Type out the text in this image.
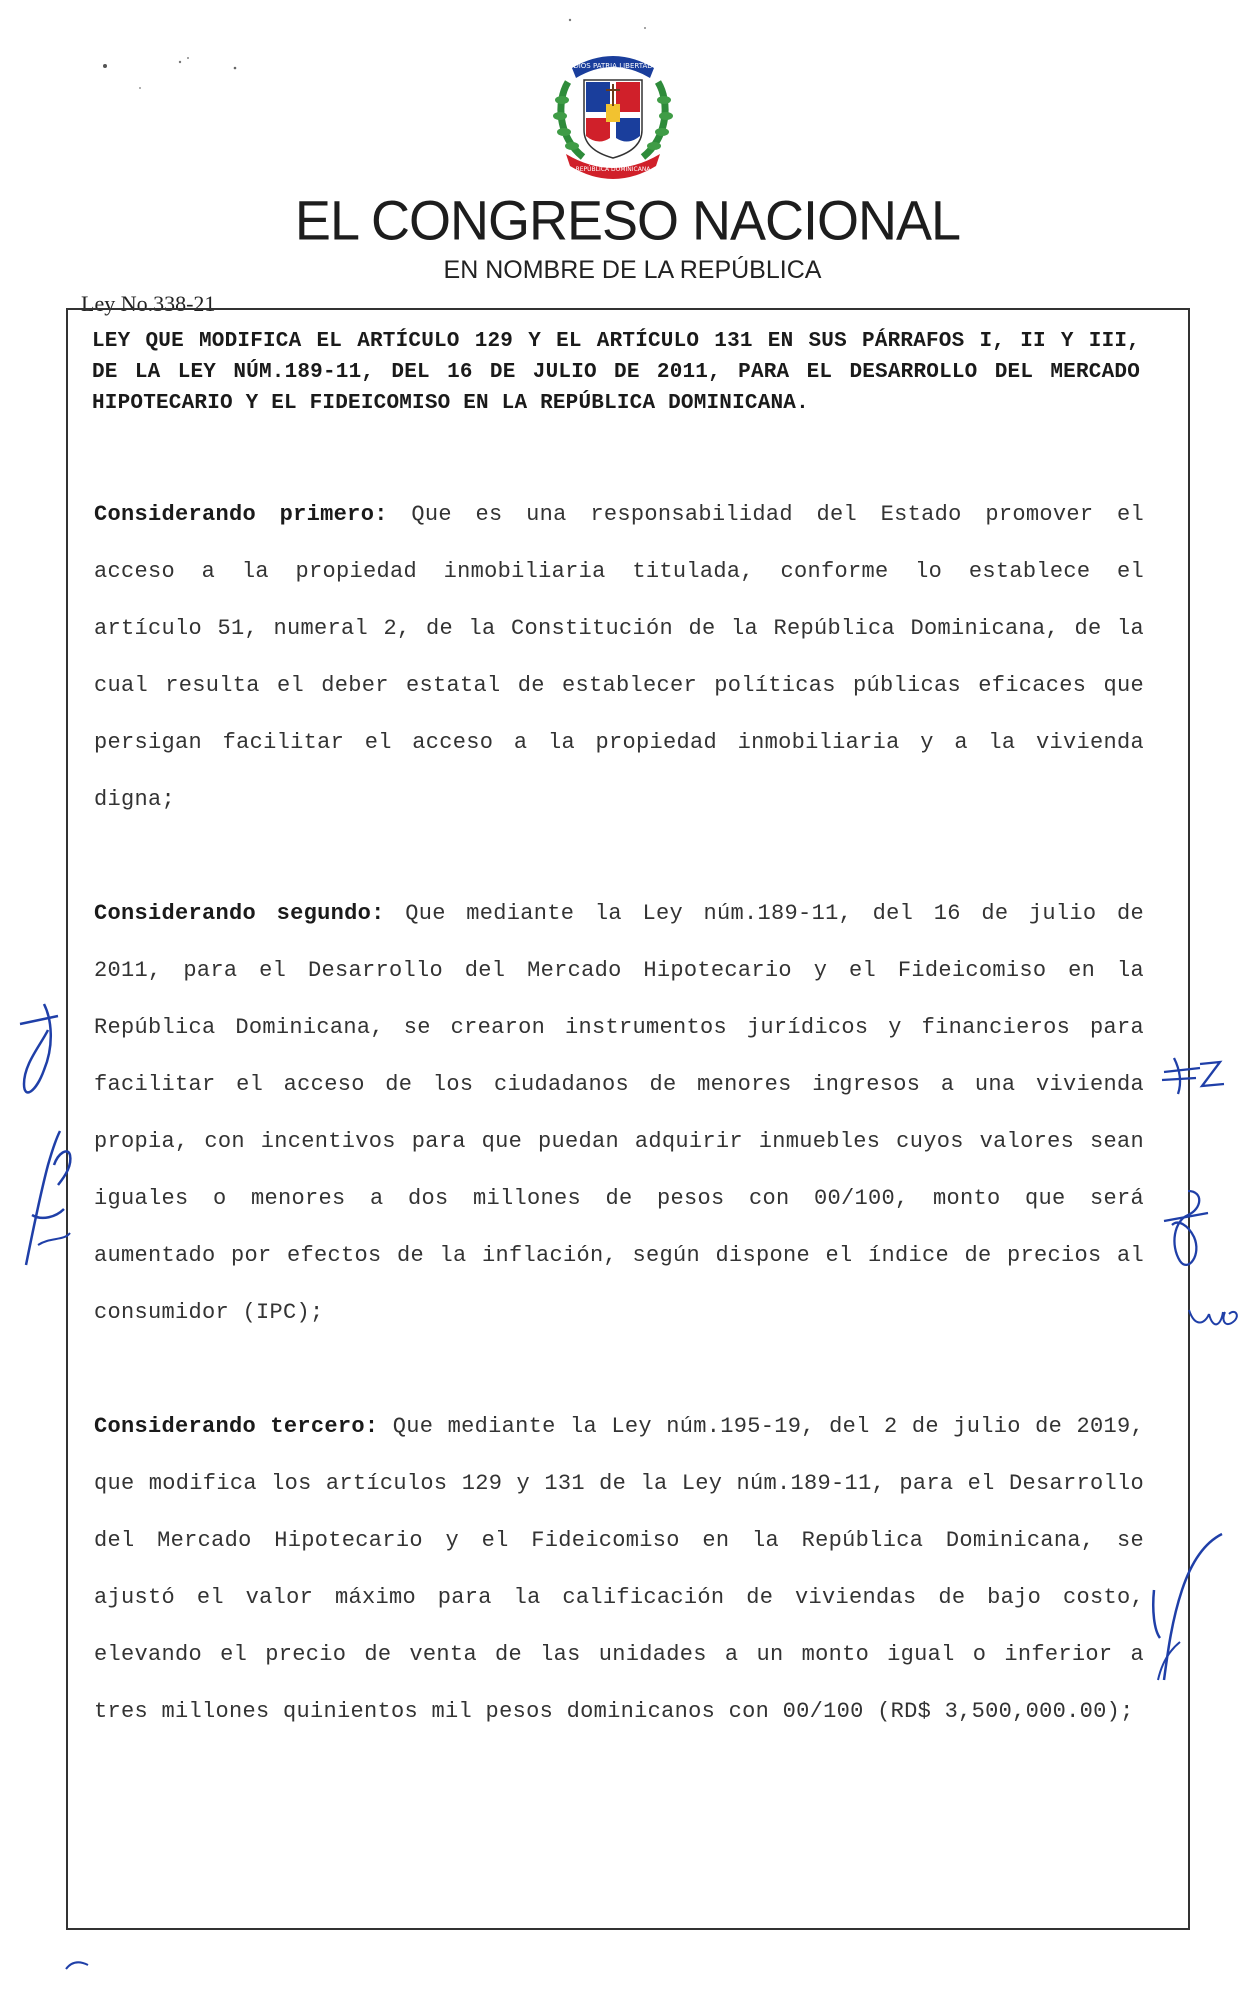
DIOS PATRIA LIBERTAD
REPÚBLICA DOMINICANA
EL CONGRESO NACIONAL
EN NOMBRE DE LA REPÚBLICA
Ley No.338-21
LEY QUE MODIFICA EL ARTÍCULO 129 Y EL ARTÍCULO 131 EN SUS PÁRRAFOS I, II Y III, DE LA LEY NÚM.189-11, DEL 16 DE JULIO DE 2011, PARA EL DESARROLLO DEL MERCADO HIPOTECARIO Y EL FIDEICOMISO EN LA REPÚBLICA DOMINICANA.
Considerando primero: Que es una responsabilidad del Estado promover el acceso a la propiedad inmobiliaria titulada, conforme lo establece el artículo 51, numeral 2, de la Constitución de la República Dominicana, de la cual resulta el deber estatal de establecer políticas públicas eficaces que persigan facilitar el acceso a la propiedad inmobiliaria y a la vivienda digna;
Considerando segundo: Que mediante la Ley núm.189-11, del 16 de julio de 2011, para el Desarrollo del Mercado Hipotecario y el Fideicomiso en la República Dominicana, se crearon instrumentos jurídicos y financieros para facilitar el acceso de los ciudadanos de menores ingresos a una vivienda propia, con incentivos para que puedan adquirir inmuebles cuyos valores sean iguales o menores a dos millones de pesos con 00/100, monto que será aumentado por efectos de la inflación, según dispone el índice de precios al consumidor (IPC);
Considerando tercero: Que mediante la Ley núm.195-19, del 2 de julio de 2019, que modifica los artículos 129 y 131 de la Ley núm.189-11, para el Desarrollo del Mercado Hipotecario y el Fideicomiso en la República Dominicana, se ajustó el valor máximo para la calificación de viviendas de bajo costo, elevando el precio de venta de las unidades a un monto igual o inferior a tres millones quinientos mil pesos dominicanos con 00/100 (RD$ 3,500,000.00);
